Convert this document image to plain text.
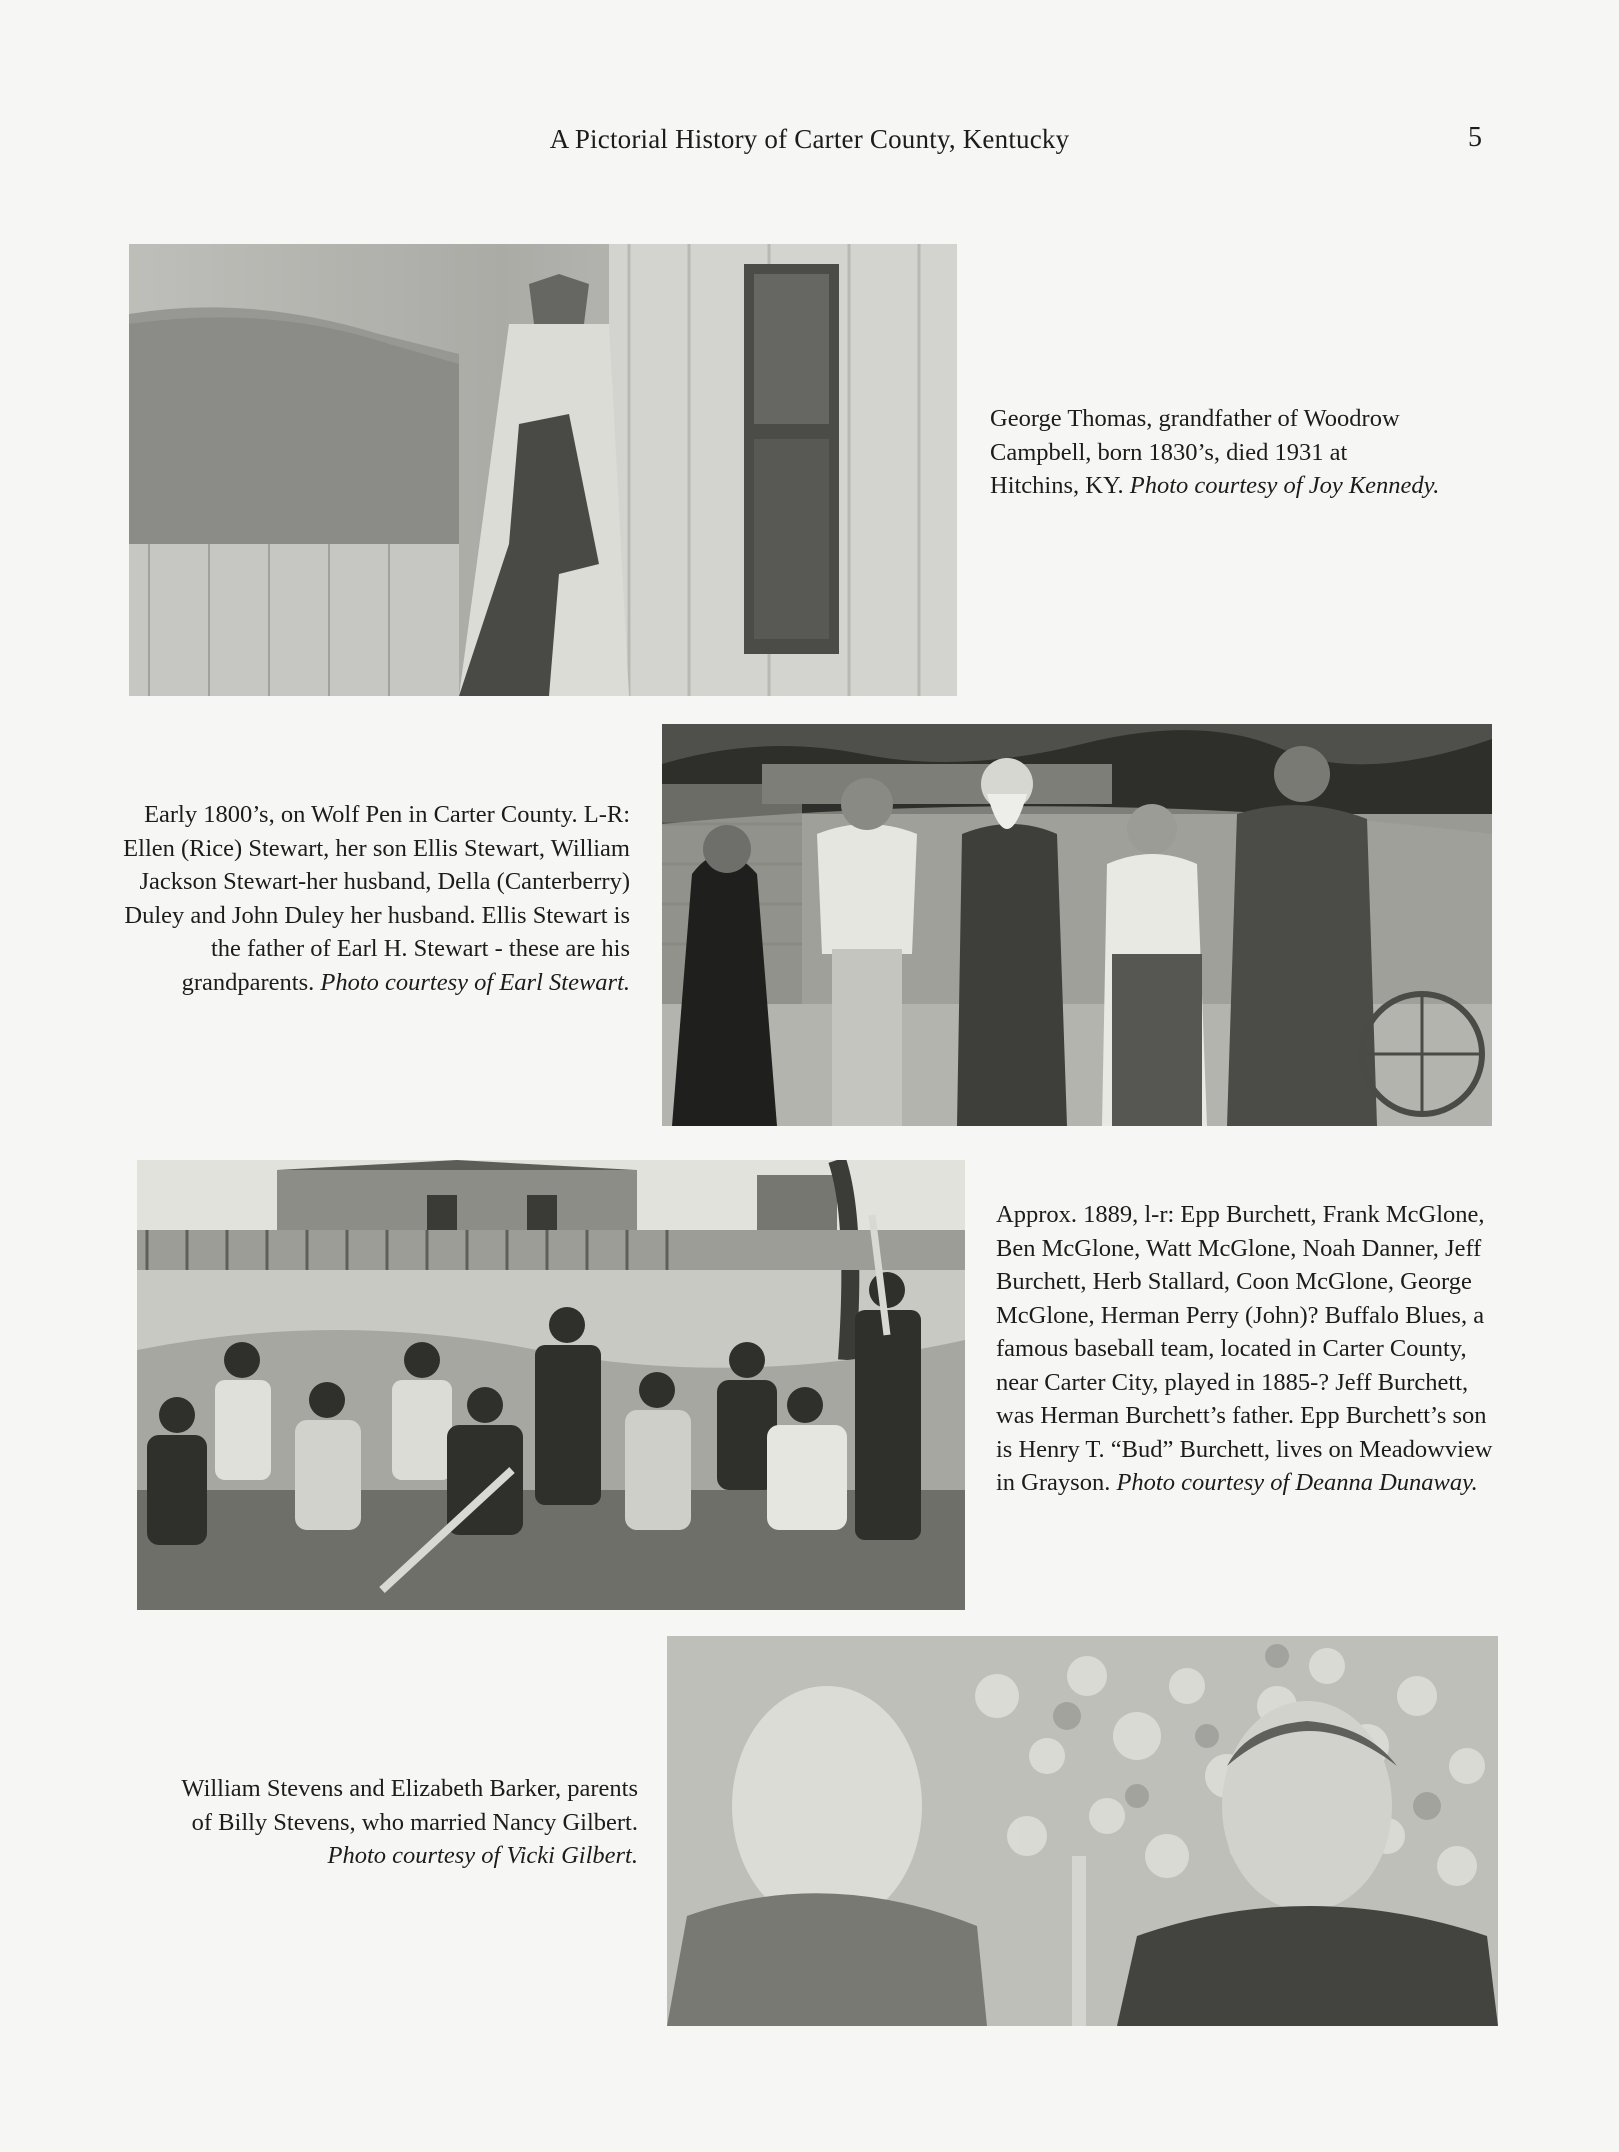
A Pictorial History of Carter County, Kentucky	5
George Thomas, grandfather of Woodrow Campbell, born 1830’s, died 1931 at Hitchins, KY. Photo courtesy of Joy Kennedy.
Early 1800’s, on Wolf Pen in Carter County. L-R: Ellen (Rice) Stewart, her son Ellis Stewart, William Jackson Stewart-her husband, Della (Canterberry) Duley and John Duley her husband. Ellis Stewart is the father of Earl H. Stewart - these are his grandparents. Photo courtesy of Earl Stewart.
Approx. 1889, l-r: Epp Burchett, Frank McGlone, Ben McGlone, Watt McGlone, Noah Danner, Jeff Burchett, Herb Stallard, Coon McGlone, George McGlone, Herman Perry (John)? Buffalo Blues, a famous baseball team, located in Carter County, near Carter City, played in 1885-? Jeff Burchett, was Herman Burchett’s father. Epp Burchett’s son is Henry T. “Bud” Burchett, lives on Meadowview in Grayson. Photo courtesy of Deanna Dunaway.
William Stevens and Elizabeth Barker, parents of Billy Stevens, who married Nancy Gilbert. Photo courtesy of Vicki Gilbert.
